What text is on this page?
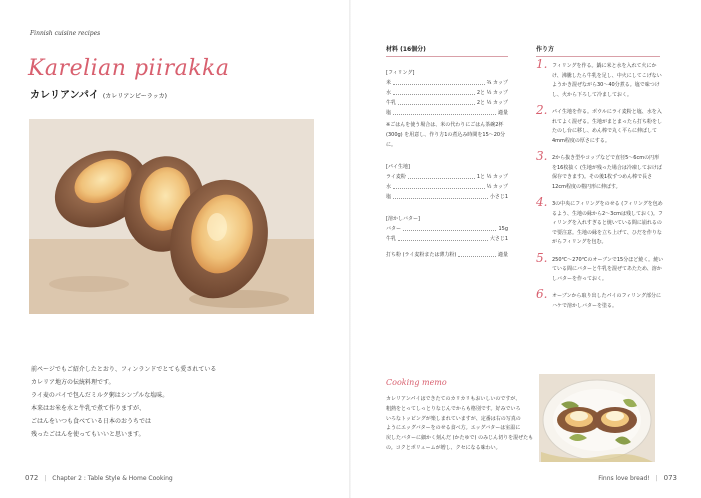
Finnish cuisine recipes
Karelian piirakka
カレリアンパイ (カレリアンピーラッカ)
前ページでもご紹介したとおり、フィンランドでとても愛されている
カレリア地方の伝統料理です。
ライ麦のパイで包んだミルク粥はシンプルな塩味。
本来はお米を水と牛乳で煮て作りますが、
ごはんをいつも食べている日本のおうちでは
残ったごはんを使ってもいいと思います。
072 | Chapter 2 : Table Style & Home Cooking
材料 (16個分)
[フィリング]
米	¾ カップ
水	2と ½ カップ
牛乳	2と ½ カップ
塩	適量
※ごはんを使う場合は、米の代わりにごはん茶碗2杯 (300g) を用意し、作り方1の煮込み時間を15〜20分に。
[パイ生地]
ライ麦粉	1と ½ カップ
水	½ カップ
塩	小さじ1
[溶かしバター]
バター	15g
牛乳	大さじ1
打ち粉 (ライ麦粉または薄力粉)	適量
作り方
1. フィリングを作る。鍋に米と水を入れて火にかけ、沸騰したら牛乳を足し、中火にしてこげないようかき混ぜながら30〜40分煮る。塩で味つけし、火から下ろして冷ましておく。
2. パイ生地を作る。ボウルにライ麦粉と塩、水を入れてよく混ぜる。生地がまとまったら打ち粉をしたのし台に移し、めん棒で丸く平らに伸ばして4mm程度の厚さにする。
3. 2から抜き型やコップなどで直径5〜6cmの円形を16枚抜く (生地が残った場合は冷凍しておけば保存できます)。その後1枚ずつめん棒で長さ12cm程度の楕円形に伸ばす。
4. 3の中央にフィリングをのせる (フィリングを包めるよう、生地の縁から2〜3cmは残しておく)。フィリングを入れすぎると焼いている間に崩れるので要注意。生地の縁を立ち上げて、ひだを作りながらフィリングを包む。
5. 250℃〜270℃のオーブンで15分ほど焼く。焼いている間にバターと牛乳を混ぜてあたため、溶かしバターを作っておく。
6. オーブンから取り出したパイのフィリング部分にハケで溶かしバターを塗る。
Cooking memo
カレリアンパイはできたてのカリカリもおいしいのですが、
粗熱をとってしっとりなじんでからも格別です。好みでいろ
いろなトッピングが楽しまれていますが、定番は右の写真の
ようにエッグバターをのせる食べ方。エッグバターは室温に
戻したバターに細かく刻んだ (かたゆで) のみじん切りを混ぜたも
の。コクとボリュームが増し、クセになる味わい。
Finns love bread! | 073
